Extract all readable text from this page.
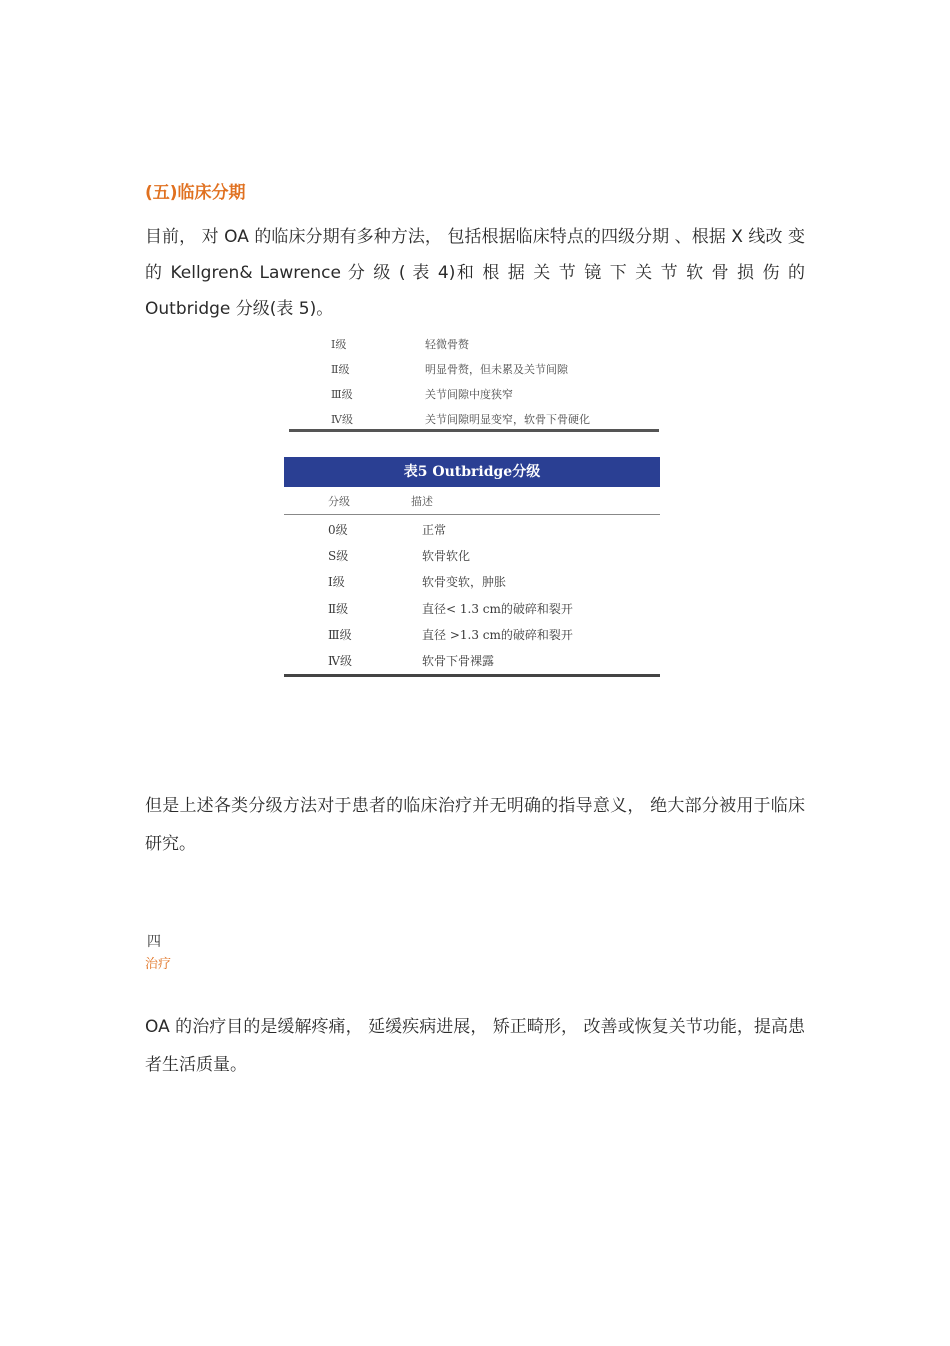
(五)临床分期

目前， 对 OA 的临床分期有多种方法， 包括根据临床特点的四级分期 、根据 X 线改 变 的 Kellgren& Lawrence 分 级 ( 表 4)和 根 据 关 节 镜 下 关 节 软 骨 损 伤 的 Outbridge 分级(表 5)。

Ⅰ级	轻微骨赘
Ⅱ级	明显骨赘，但未累及关节间隙
Ⅲ级	关节间隙中度狭窄
Ⅳ级	关节间隙明显变窄，软骨下骨硬化
表5 Outbridge分级
分级	描述
0级	正常
S级	软骨软化
Ⅰ级	软骨变软，肿胀
Ⅱ级	直径< 1.3 cm的破碎和裂开
Ⅲ级	直径 >1.3 cm的破碎和裂开
Ⅳ级	软骨下骨裸露

但是上述各类分级方法对于患者的临床治疗并无明确的指导意义， 绝大部分被用于临床研究。

四
治疗

OA 的治疗目的是缓解疼痛， 延缓疾病进展， 矫正畸形， 改善或恢复关节功能，提高患者生活质量。
